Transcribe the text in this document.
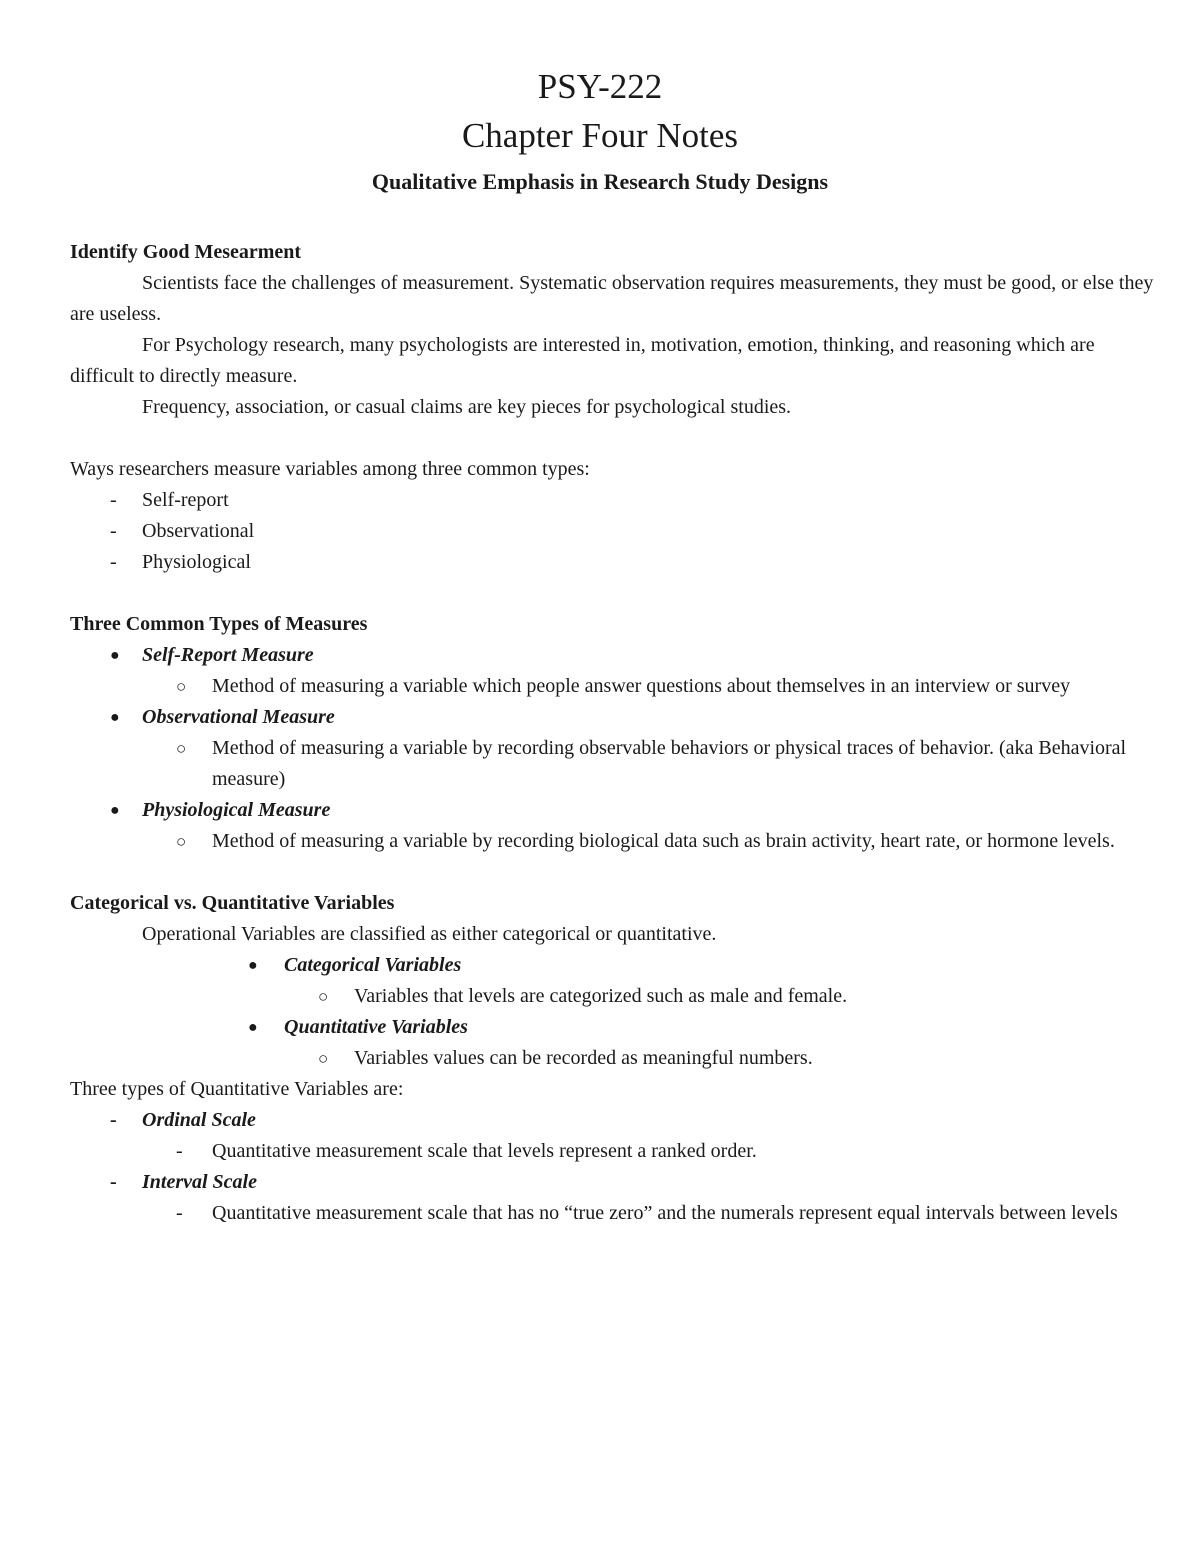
PSY-222
Chapter Four Notes
Qualitative Emphasis in Research Study Designs
Identify Good Mesearment

Scientists face the challenges of measurement. Systematic observation requires measurements, they must be good, or else they are useless.

For Psychology research, many psychologists are interested in, motivation, emotion, thinking, and reasoning which are difficult to directly measure.

Frequency, association, or casual claims are key pieces for psychological studies.

Ways researchers measure variables among three common types:

-	Self-report
-	Observational
-	Physiological
Three Common Types of Measures
●	Self-Report Measure
○	Method of measuring a variable which people answer questions about themselves in an interview or survey
●	Observational Measure
○	Method of measuring a variable by recording observable behaviors or physical traces of behavior. (aka Behavioral measure)
●	Physiological Measure
○	Method of measuring a variable by recording biological data such as brain activity, heart rate, or hormone levels.
Categorical vs. Quantitative Variables

Operational Variables are classified as either categorical or quantitative.

●	Categorical Variables
○	Variables that levels are categorized such as male and female.
●	Quantitative Variables
○	Variables values can be recorded as meaningful numbers.

Three types of Quantitative Variables are:

-	Ordinal Scale
-	Quantitative measurement scale that levels represent a ranked order.
-	Interval Scale
-	Quantitative measurement scale that has no “true zero” and the numerals represent equal intervals between levels
